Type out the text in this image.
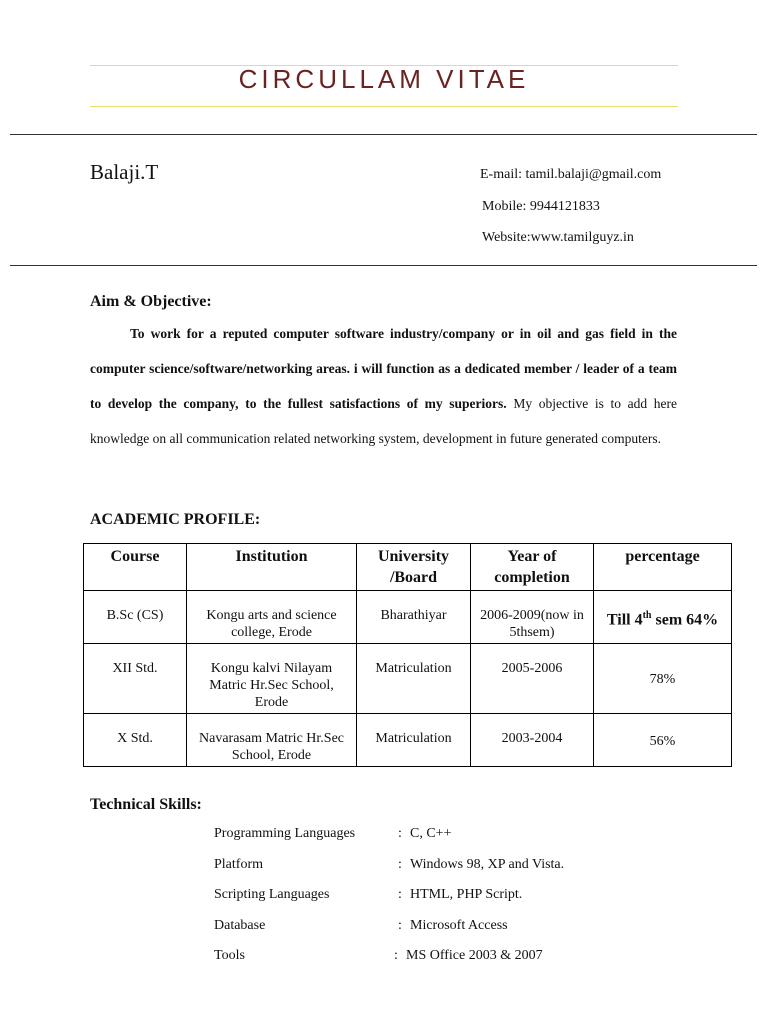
CIRCULLAM VITAE
Balaji.T	E-mail: tamil.balaji@gmail.com
Mobile: 9944121833
Website:www.tamilguyz.in
Aim & Objective:

To work for a reputed computer software industry/company or in oil and gas field in the computer science/software/networking areas. i will function as a dedicated member / leader of a team to develop the company, to the fullest satisfactions of my superiors. My objective is to add here knowledge on all communication related networking system, development in future generated computers.

ACADEMIC PROFILE:
Course	Institution	University /Board	Year of completion	percentage
B.Sc (CS)	Kongu arts and science college, Erode	Bharathiyar	2006-2009(now in 5thsem)	Till 4th sem 64%
XII Std.	Kongu kalvi Nilayam Matric Hr.Sec School, Erode	Matriculation	2005-2006	78%
X Std.	Navarasam Matric Hr.Sec School, Erode	Matriculation	2003-2004	56%
Technical Skills:
Programming Languages	: C, C++
Platform	: Windows 98, XP and Vista.
Scripting Languages	: HTML, PHP Script.
Database	: Microsoft Access
Tools	: MS Office 2003 & 2007
